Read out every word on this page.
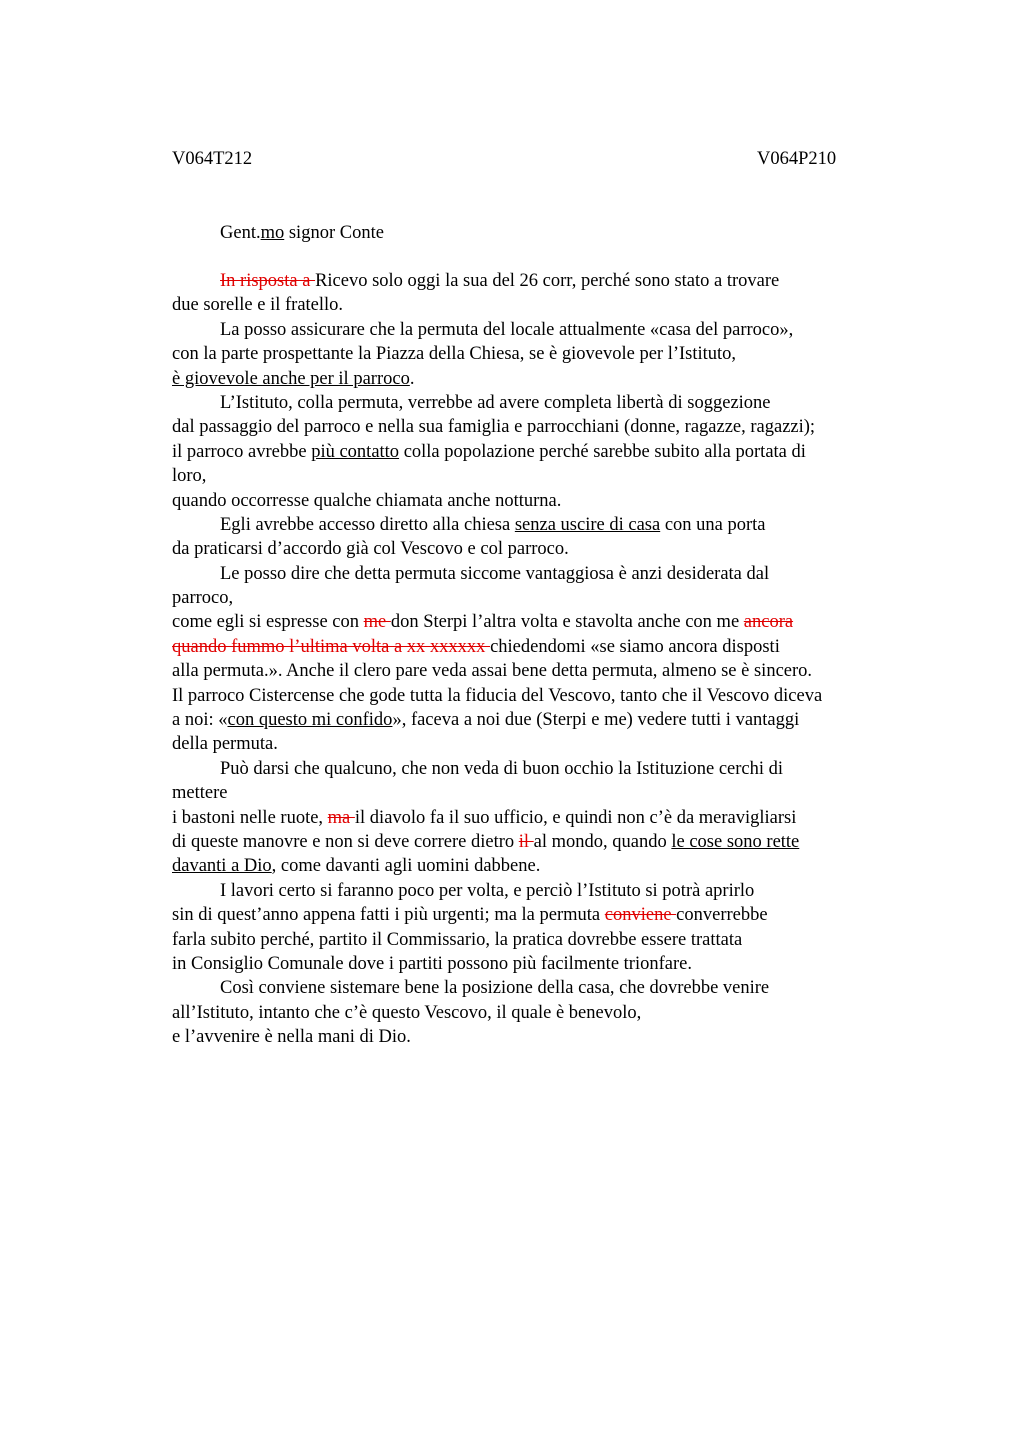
V064T212	V064P210
Gent.mo signor Conte
In risposta a Ricevo solo oggi la sua del 26 corr, perché sono stato a trovare
due sorelle e il fratello.
La posso assicurare che la permuta del locale attualmente «casa del parroco»,
con la parte prospettante la Piazza della Chiesa, se è giovevole per l’Istituto,
è giovevole anche per il parroco.
L’Istituto, colla permuta, verrebbe ad avere completa libertà di soggezione
dal passaggio del parroco e nella sua famiglia e parrocchiani (donne, ragazze, ragazzi);
il parroco avrebbe più contatto colla popolazione perché sarebbe subito alla portata di
loro,
quando occorresse qualche chiamata anche notturna.
Egli avrebbe accesso diretto alla chiesa senza uscire di casa con una porta
da praticarsi d’accordo già col Vescovo e col parroco.
Le posso dire che detta permuta siccome vantaggiosa è anzi desiderata dal
parroco,
come egli si espresse con me don Sterpi l’altra volta e stavolta anche con me ancora
quando fummo l’ultima volta a xx xxxxxx chiedendomi «se siamo ancora disposti
alla permuta.». Anche il clero pare veda assai bene detta permuta, almeno se è sincero.
Il parroco Cistercense che gode tutta la fiducia del Vescovo, tanto che il Vescovo diceva
a noi: «con questo mi confido», faceva a noi due (Sterpi e me) vedere tutti i vantaggi
della permuta.
Può darsi che qualcuno, che non veda di buon occhio la Istituzione cerchi di
mettere
i bastoni nelle ruote, ma il diavolo fa il suo ufficio, e quindi non c’è da meravigliarsi
di queste manovre e non si deve correre dietro il al mondo, quando le cose sono rette
davanti a Dio, come davanti agli uomini dabbene.
I lavori certo si faranno poco per volta, e perciò l’Istituto si potrà aprirlo
sin di quest’anno appena fatti i più urgenti; ma la permuta conviene converrebbe
farla subito perché, partito il Commissario, la pratica dovrebbe essere trattata
in Consiglio Comunale dove i partiti possono più facilmente trionfare.
Così conviene sistemare bene la posizione della casa, che dovrebbe venire
all’Istituto, intanto che c’è questo Vescovo, il quale è benevolo,
e l’avvenire è nella mani di Dio.
